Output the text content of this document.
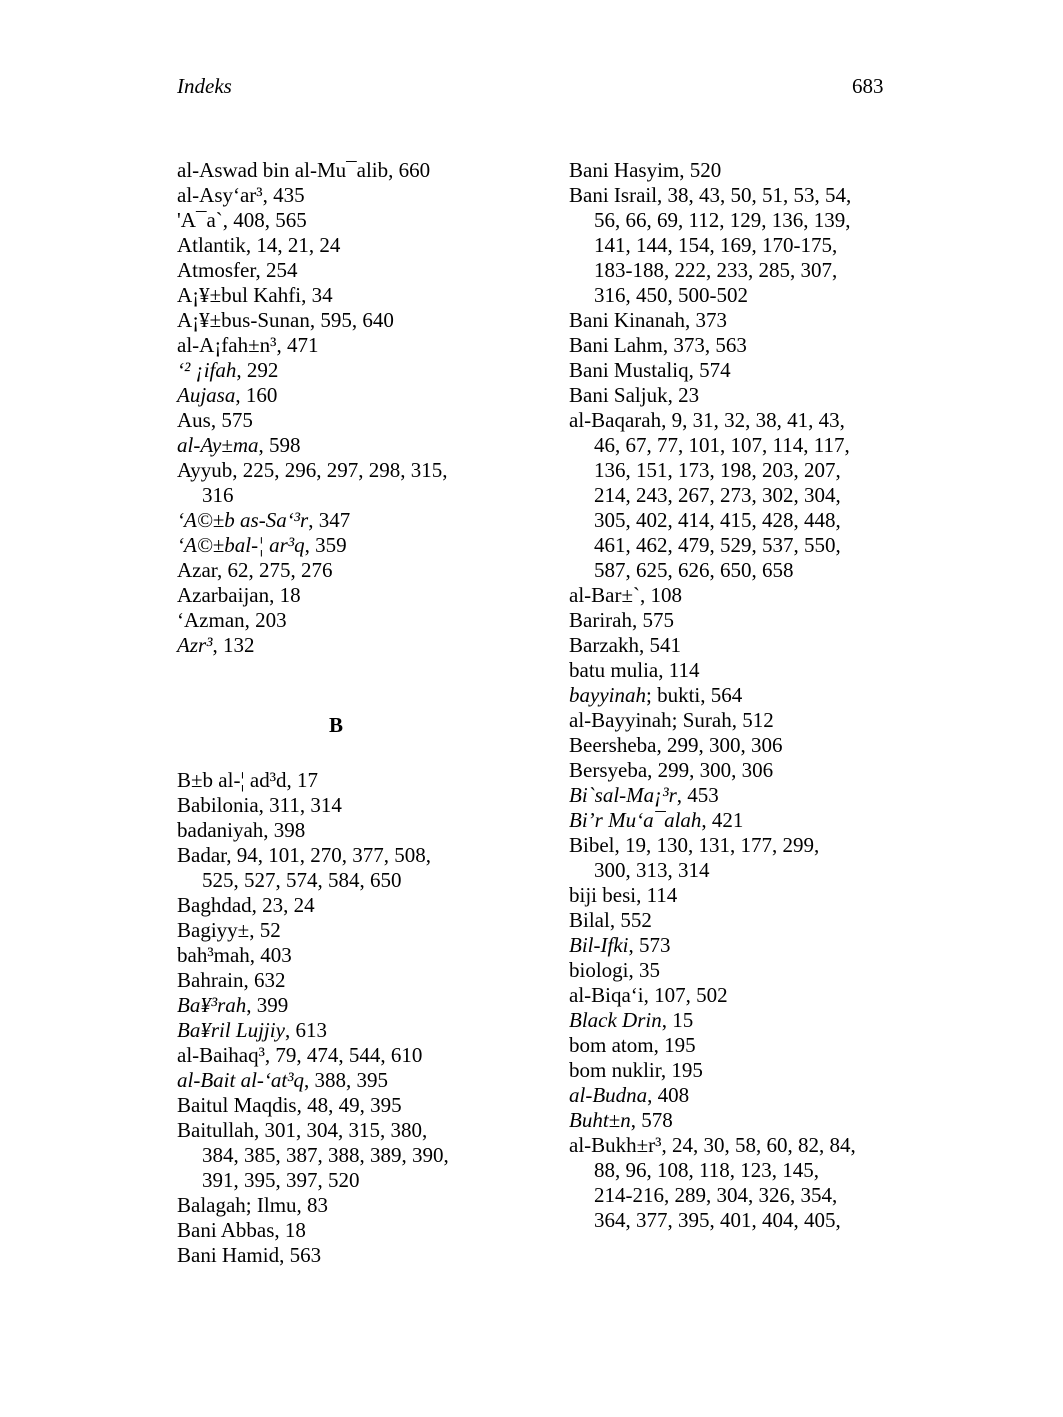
Indeks	683
al-Aswad bin al-Mu¯alib, 660
al-Asy‘ar³, 435
'A¯a`, 408, 565
Atlantik, 14, 21, 24
Atmosfer, 254
A¡¥±bul Kahfi, 34
A¡¥±bus-Sunan, 595, 640
al-A¡fah±n³, 471
‘² ¡ifah, 292
Aujasa, 160
Aus, 575
al-Ay±ma, 598
Ayyub, 225, 296, 297, 298, 315,
316
‘A©±b as-Sa‘³r, 347
‘A©±bal-¦ ar³q, 359
Azar, 62, 275, 276
Azarbaijan, 18
‘Azman, 203
Azr³, 132
B
B±b al-¦ ad³d, 17
Babilonia, 311, 314
badaniyah, 398
Badar, 94, 101, 270, 377, 508,
525, 527, 574, 584, 650
Baghdad, 23, 24
Bagiyy±, 52
bah³mah, 403
Bahrain, 632
Ba¥³rah, 399
Ba¥ril Lujjiy, 613
al-Baihaq³, 79, 474, 544, 610
al-Bait al-‘at³q, 388, 395
Baitul Maqdis, 48, 49, 395
Baitullah, 301, 304, 315, 380,
384, 385, 387, 388, 389, 390,
391, 395, 397, 520
Balagah; Ilmu, 83
Bani Abbas, 18
Bani Hamid, 563
Bani Hasyim, 520
Bani Israil, 38, 43, 50, 51, 53, 54,
56, 66, 69, 112, 129, 136, 139,
141, 144, 154, 169, 170-175,
183-188, 222, 233, 285, 307,
316, 450, 500-502
Bani Kinanah, 373
Bani Lahm, 373, 563
Bani Mustaliq, 574
Bani Saljuk, 23
al-Baqarah, 9, 31, 32, 38, 41, 43,
46, 67, 77, 101, 107, 114, 117,
136, 151, 173, 198, 203, 207,
214, 243, 267, 273, 302, 304,
305, 402, 414, 415, 428, 448,
461, 462, 479, 529, 537, 550,
587, 625, 626, 650, 658
al-Bar±`, 108
Barirah, 575
Barzakh, 541
batu mulia, 114
bayyinah; bukti, 564
al-Bayyinah; Surah, 512
Beersheba, 299, 300, 306
Bersyeba, 299, 300, 306
Bi`sal-Ma¡³r, 453
Bi’r Mu‘a¯alah, 421
Bibel, 19, 130, 131, 177, 299,
300, 313, 314
biji besi, 114
Bilal, 552
Bil-Ifki, 573
biologi, 35
al-Biqa‘i, 107, 502
Black Drin, 15
bom atom, 195
bom nuklir, 195
al-Budna, 408
Buht±n, 578
al-Bukh±r³, 24, 30, 58, 60, 82, 84,
88, 96, 108, 118, 123, 145,
214-216, 289, 304, 326, 354,
364, 377, 395, 401, 404, 405,
